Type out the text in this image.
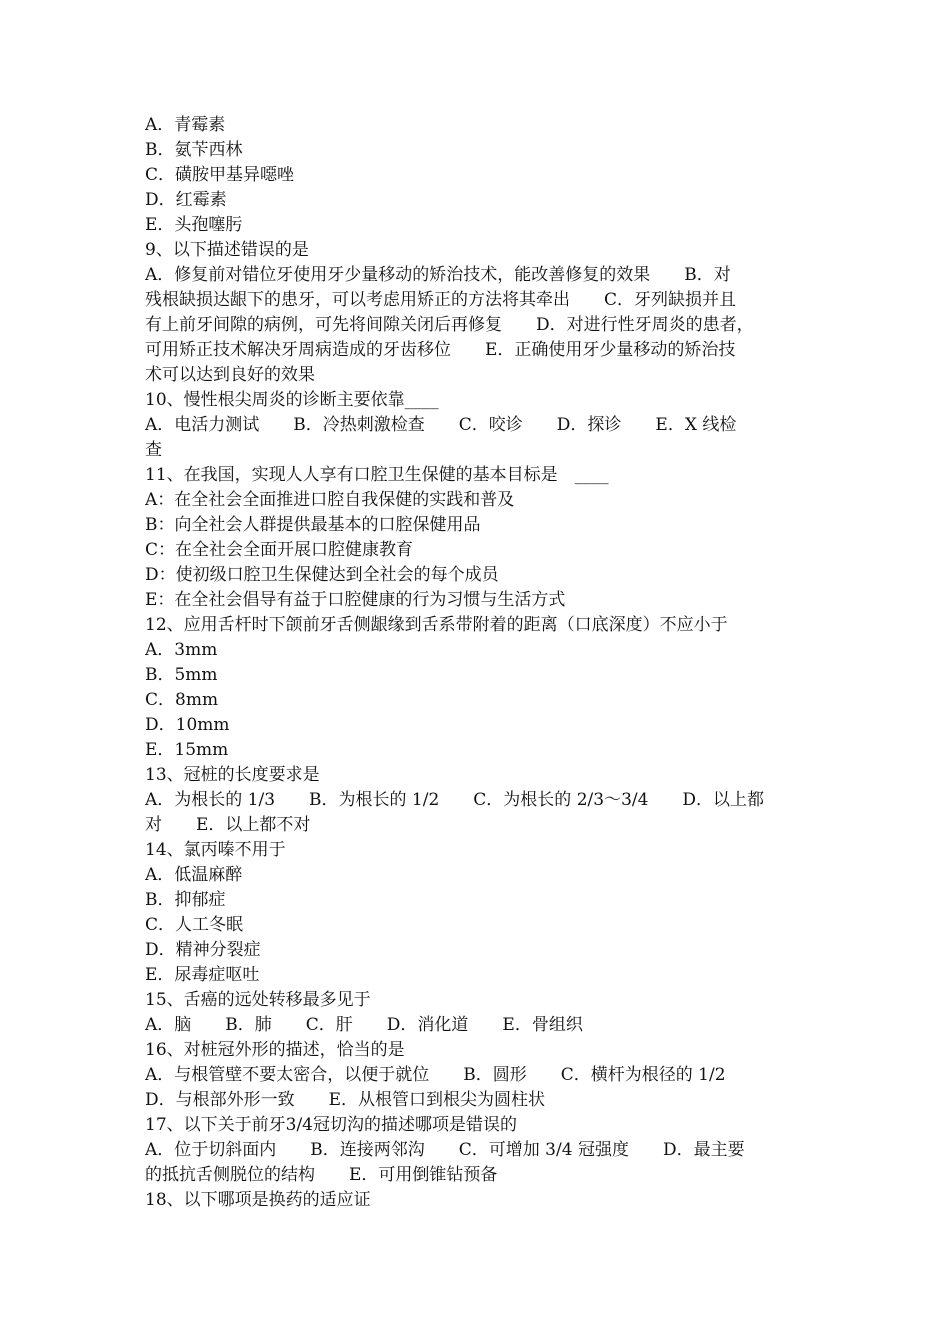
A．青霉素
B．氨苄西林
C．磺胺甲基异噁唑
D．红霉素
E．头孢噻肟
9、以下描述错误的是
A．修复前对错位牙使用牙少量移动的矫治技术，能改善修复的效果　　B．对
残根缺损达龈下的患牙，可以考虑用矫正的方法将其牵出　　C．牙列缺损并且
有上前牙间隙的病例，可先将间隙关闭后再修复　　D．对进行性牙周炎的患者，
可用矫正技术解决牙周病造成的牙齿移位　　E．正确使用牙少量移动的矫治技
术可以达到良好的效果
10、慢性根尖周炎的诊断主要依靠____
A．电活力测试　　B．冷热刺激检查　　C．咬诊　　D．探诊　　E．X 线检
查
11、在我国，实现人人享有口腔卫生保健的基本目标是　____
A：在全社会全面推进口腔自我保健的实践和普及
B：向全社会人群提供最基本的口腔保健用品
C：在全社会全面开展口腔健康教育
D：使初级口腔卫生保健达到全社会的每个成员
E：在全社会倡导有益于口腔健康的行为习惯与生活方式
12、应用舌杆时下颌前牙舌侧龈缘到舌系带附着的距离（口底深度）不应小于
A．3mm
B．5mm
C．8mm
D．10mm
E．15mm
13、冠桩的长度要求是
A．为根长的 1/3　　B．为根长的 1/2　　C．为根长的 2/3～3/4　　D．以上都
对　　E．以上都不对
14、氯丙嗪不用于
A．低温麻醉
B．抑郁症
C．人工冬眠
D．精神分裂症
E．尿毒症呕吐
15、舌癌的远处转移最多见于
A．脑　　B．肺　　C．肝　　D．消化道　　E．骨组织
16、对桩冠外形的描述，恰当的是
A．与根管壁不要太密合，以便于就位　　B．圆形　　C．横杆为根径的 1/2
D．与根部外形一致　　E．从根管口到根尖为圆柱状
17、以下关于前牙3/4冠切沟的描述哪项是错误的
A．位于切斜面内　　B．连接两邻沟　　C．可增加 3/4 冠强度　　D．最主要
的抵抗舌侧脱位的结构　　E．可用倒锥钻预备
18、以下哪项是换药的适应证
